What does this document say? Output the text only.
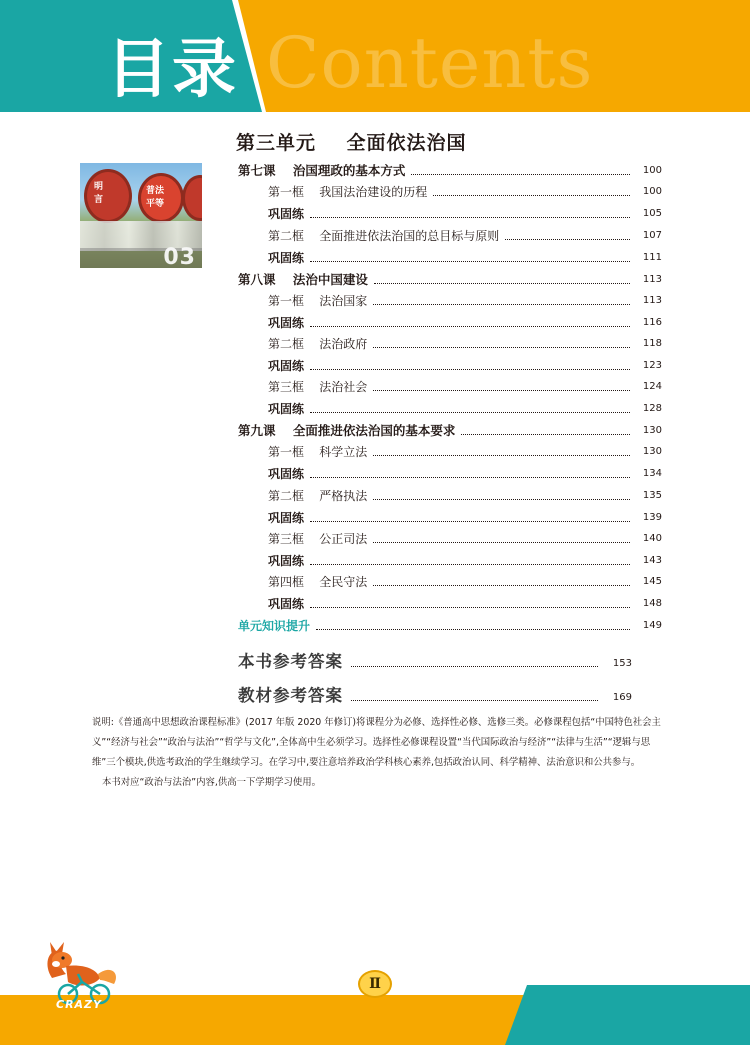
Contents
目录
明
言
普法
平等
03
第三单元    全面依法治国
第七课    治国理政的基本方式	100
第一框    我国法治建设的历程	100
巩固练	105
第二框    全面推进依法治国的总目标与原则	107
巩固练	111
第八课    法治中国建设	113
第一框    法治国家	113
巩固练	116
第二框    法治政府	118
巩固练	123
第三框    法治社会	124
巩固练	128
第九课    全面推进依法治国的基本要求	130
第一框    科学立法	130
巩固练	134
第二框    严格执法	135
巩固练	139
第三框    公正司法	140
巩固练	143
第四框    全民守法	145
巩固练	148
单元知识提升	149
本书参考答案	153
教材参考答案	169

说明:《普通高中思想政治课程标准》(2017 年版 2020 年修订)将课程分为必修、选择性必修、选修三类。必修课程包括“中国特色社会主义”“经济与社会”“政治与法治”“哲学与文化”,全体高中生必须学习。选择性必修课程设置“当代国际政治与经济”“法律与生活”“逻辑与思维”三个模块,供选考政治的学生继续学习。在学习中,要注意培养政治学科核心素养,包括政治认同、科学精神、法治意识和公共参与。

本书对应“政治与法治”内容,供高一下学期学习使用。

Ⅱ
CRAZY
